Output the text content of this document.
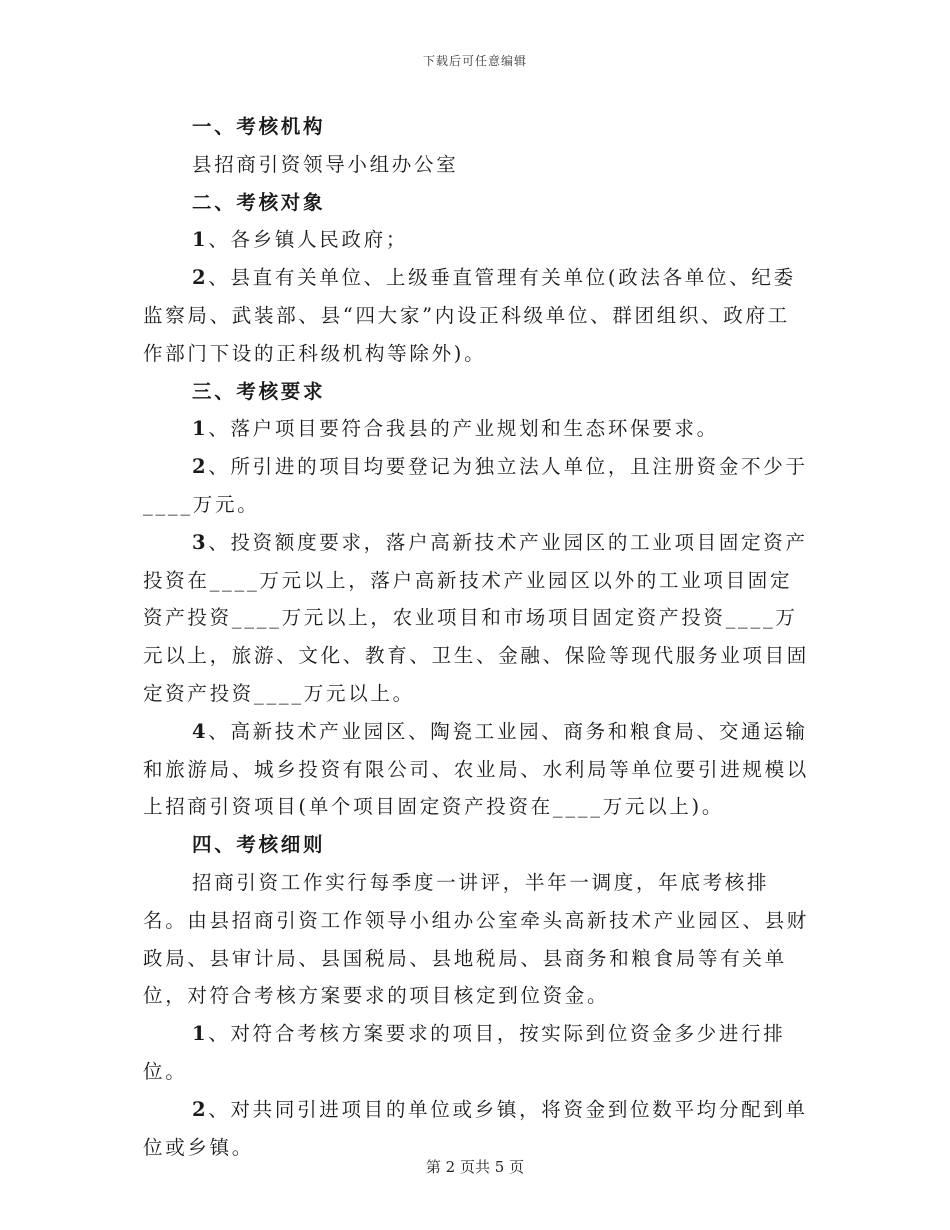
下载后可任意编辑

一、考核机构

县招商引资领导小组办公室

二、考核对象

1、各乡镇人民政府；

2、县直有关单位、上级垂直管理有关单位(政法各单位、纪委监察局、武装部、县“四大家”内设正科级单位、群团组织、政府工作部门下设的正科级机构等除外)。

三、考核要求

1、落户项目要符合我县的产业规划和生态环保要求。

2、所引进的项目均要登记为独立法人单位，且注册资金不少于____万元。

3、投资额度要求，落户高新技术产业园区的工业项目固定资产投资在____万元以上，落户高新技术产业园区以外的工业项目固定资产投资____万元以上，农业项目和市场项目固定资产投资____万元以上，旅游、文化、教育、卫生、金融、保险等现代服务业项目固定资产投资____万元以上。

4、高新技术产业园区、陶瓷工业园、商务和粮食局、交通运输和旅游局、城乡投资有限公司、农业局、水利局等单位要引进规模以上招商引资项目(单个项目固定资产投资在____万元以上)。

四、考核细则

招商引资工作实行每季度一讲评，半年一调度，年底考核排名。由县招商引资工作领导小组办公室牵头高新技术产业园区、县财政局、县审计局、县国税局、县地税局、县商务和粮食局等有关单位，对符合考核方案要求的项目核定到位资金。

1、对符合考核方案要求的项目，按实际到位资金多少进行排位。

2、对共同引进项目的单位或乡镇，将资金到位数平均分配到单位或乡镇。

第 2 页共 5 页
